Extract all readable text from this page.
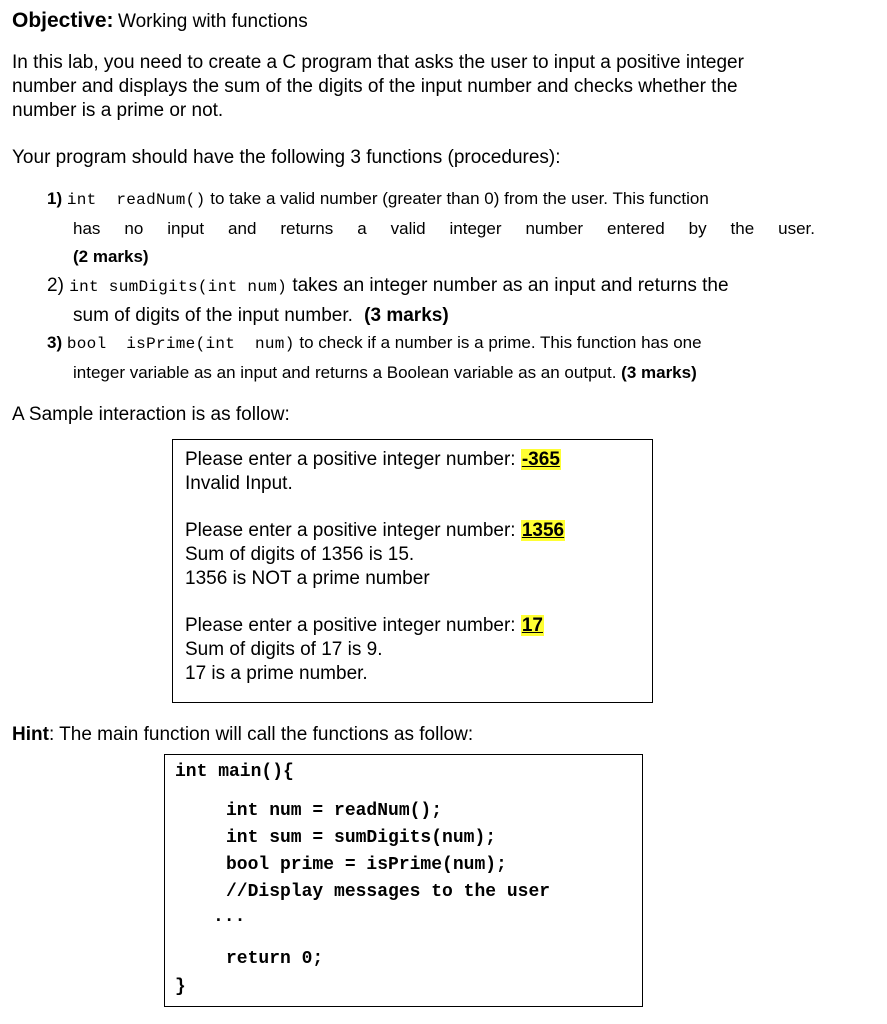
Objective: Working with functions
In this lab, you need to create a C program that asks the user to input a positive integer
number and displays the sum of the digits of the input number and checks whether the
number is a prime or not.
Your program should have the following 3 functions (procedures):
1) int  readNum() to take a valid number (greater than 0) from the user. This function
has no input and returns a valid integer number entered by the user.
(2 marks)
2) int sumDigits(int num) takes an integer number as an input and returns the
sum of digits of the input number. (3 marks)
3) bool  isPrime(int  num) to check if a number is a prime. This function has one
integer variable as an input and returns a Boolean variable as an output. (3 marks)
A Sample interaction is as follow:
Please enter a positive integer number: -365
Invalid Input.
Please enter a positive integer number: 1356
Sum of digits of 1356 is 15.
1356 is NOT a prime number
Please enter a positive integer number: 17
Sum of digits of 17 is 9.
17 is a prime number.
Hint: The main function will call the functions as follow:
int main(){
int num = readNum();
int sum = sumDigits(num);
bool prime = isPrime(num);
//Display messages to the user
...
return 0;
}
